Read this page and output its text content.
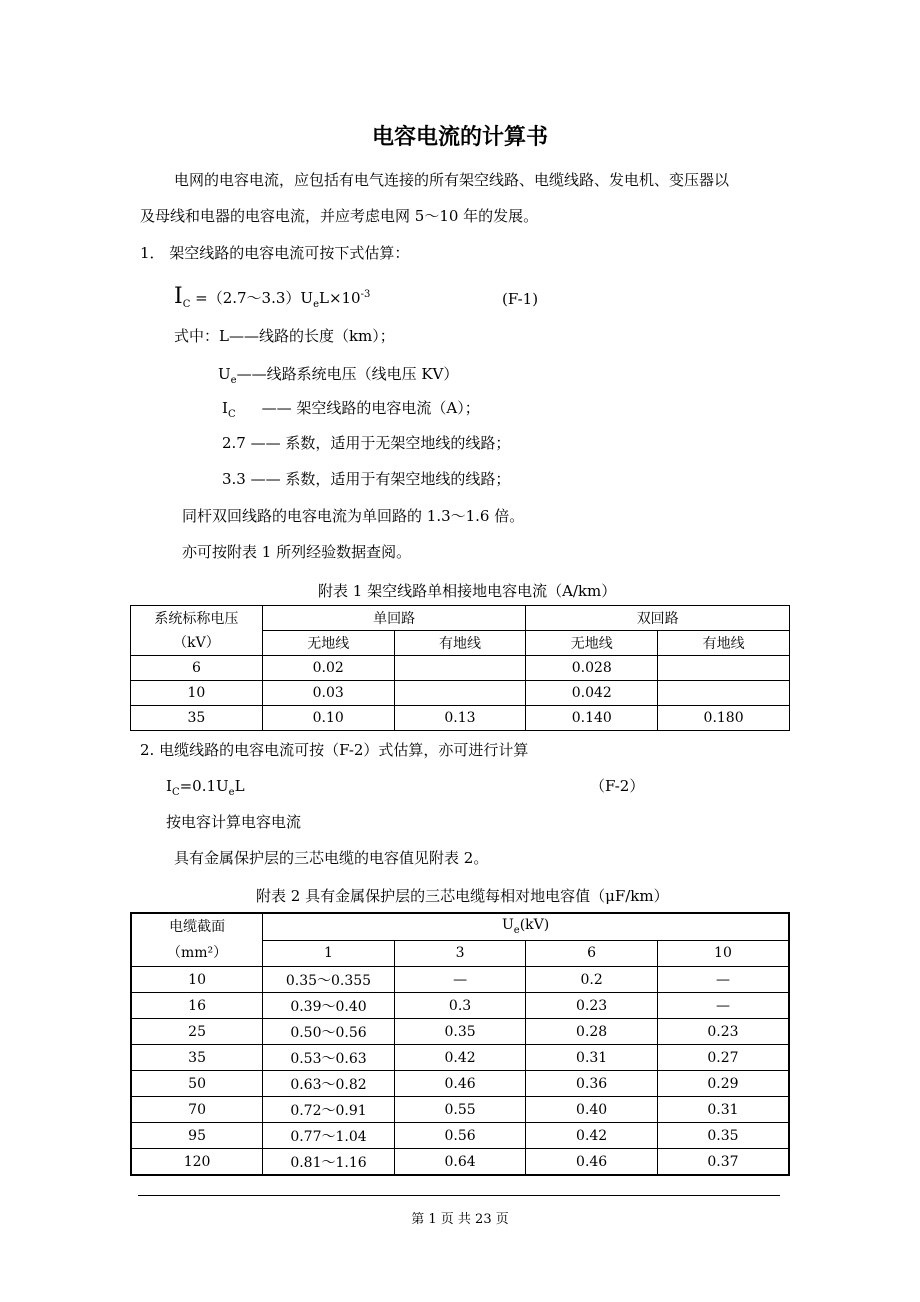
电容电流的计算书
电网的电容电流，应包括有电气连接的所有架空线路、电缆线路、发电机、变压器以
及母线和电器的电容电流，并应考虑电网 5～10 年的发展。
1． 架空线路的电容电流可按下式估算：
$I_C$ $=(2.7\sim 3.3)U_eL\times 10^{-3}$	(F-1)
式中：L——线路的长度（km）；
$U_e——$线路系统电压（线电压 KV）
$I_C$ —— 架空线路的电容电流（A）；
2.7 —— 系数，适用于无架空地线的线路；
3.3 —— 系数，适用于有架空地线的线路；
同杆双回线路的电容电流为单回路的 1.3～1.6 倍。
亦可按附表 1 所列经验数据查阅。
附表 1 架空线路单相接地电容电流（A/km）
系统标称电压
（kV）	单回路		双回路	
	无地线	有地线	无地线	有地线
6	0.02		0.028	
10	0.03		0.042	
35	0.10	0.13	0.140	0.180
2. 电缆线路的电容电流可按（F-2）式估算，亦可进行计算
$I_C=0.1U_eL$	（F-2）
按电容计算电容电流
具有金属保护层的三芯电缆的电容值见附表 2。
附表 2 具有金属保护层的三芯电缆每相对地电容值（μF/km）
电缆截面
（mm²）	$U_e(kV)$			
	1	3	6	10
10	0.35～0.355	—	0.2	—
16	0.39～0.40	0.3	0.23	—
25	0.50～0.56	0.35	0.28	0.23
35	0.53～0.63	0.42	0.31	0.27
50	0.63～0.82	0.46	0.36	0.29
70	0.72～0.91	0.55	0.40	0.31
95	0.77～1.04	0.56	0.42	0.35
120	0.81～1.16	0.64	0.46	0.37
第 1 页 共 23 页
